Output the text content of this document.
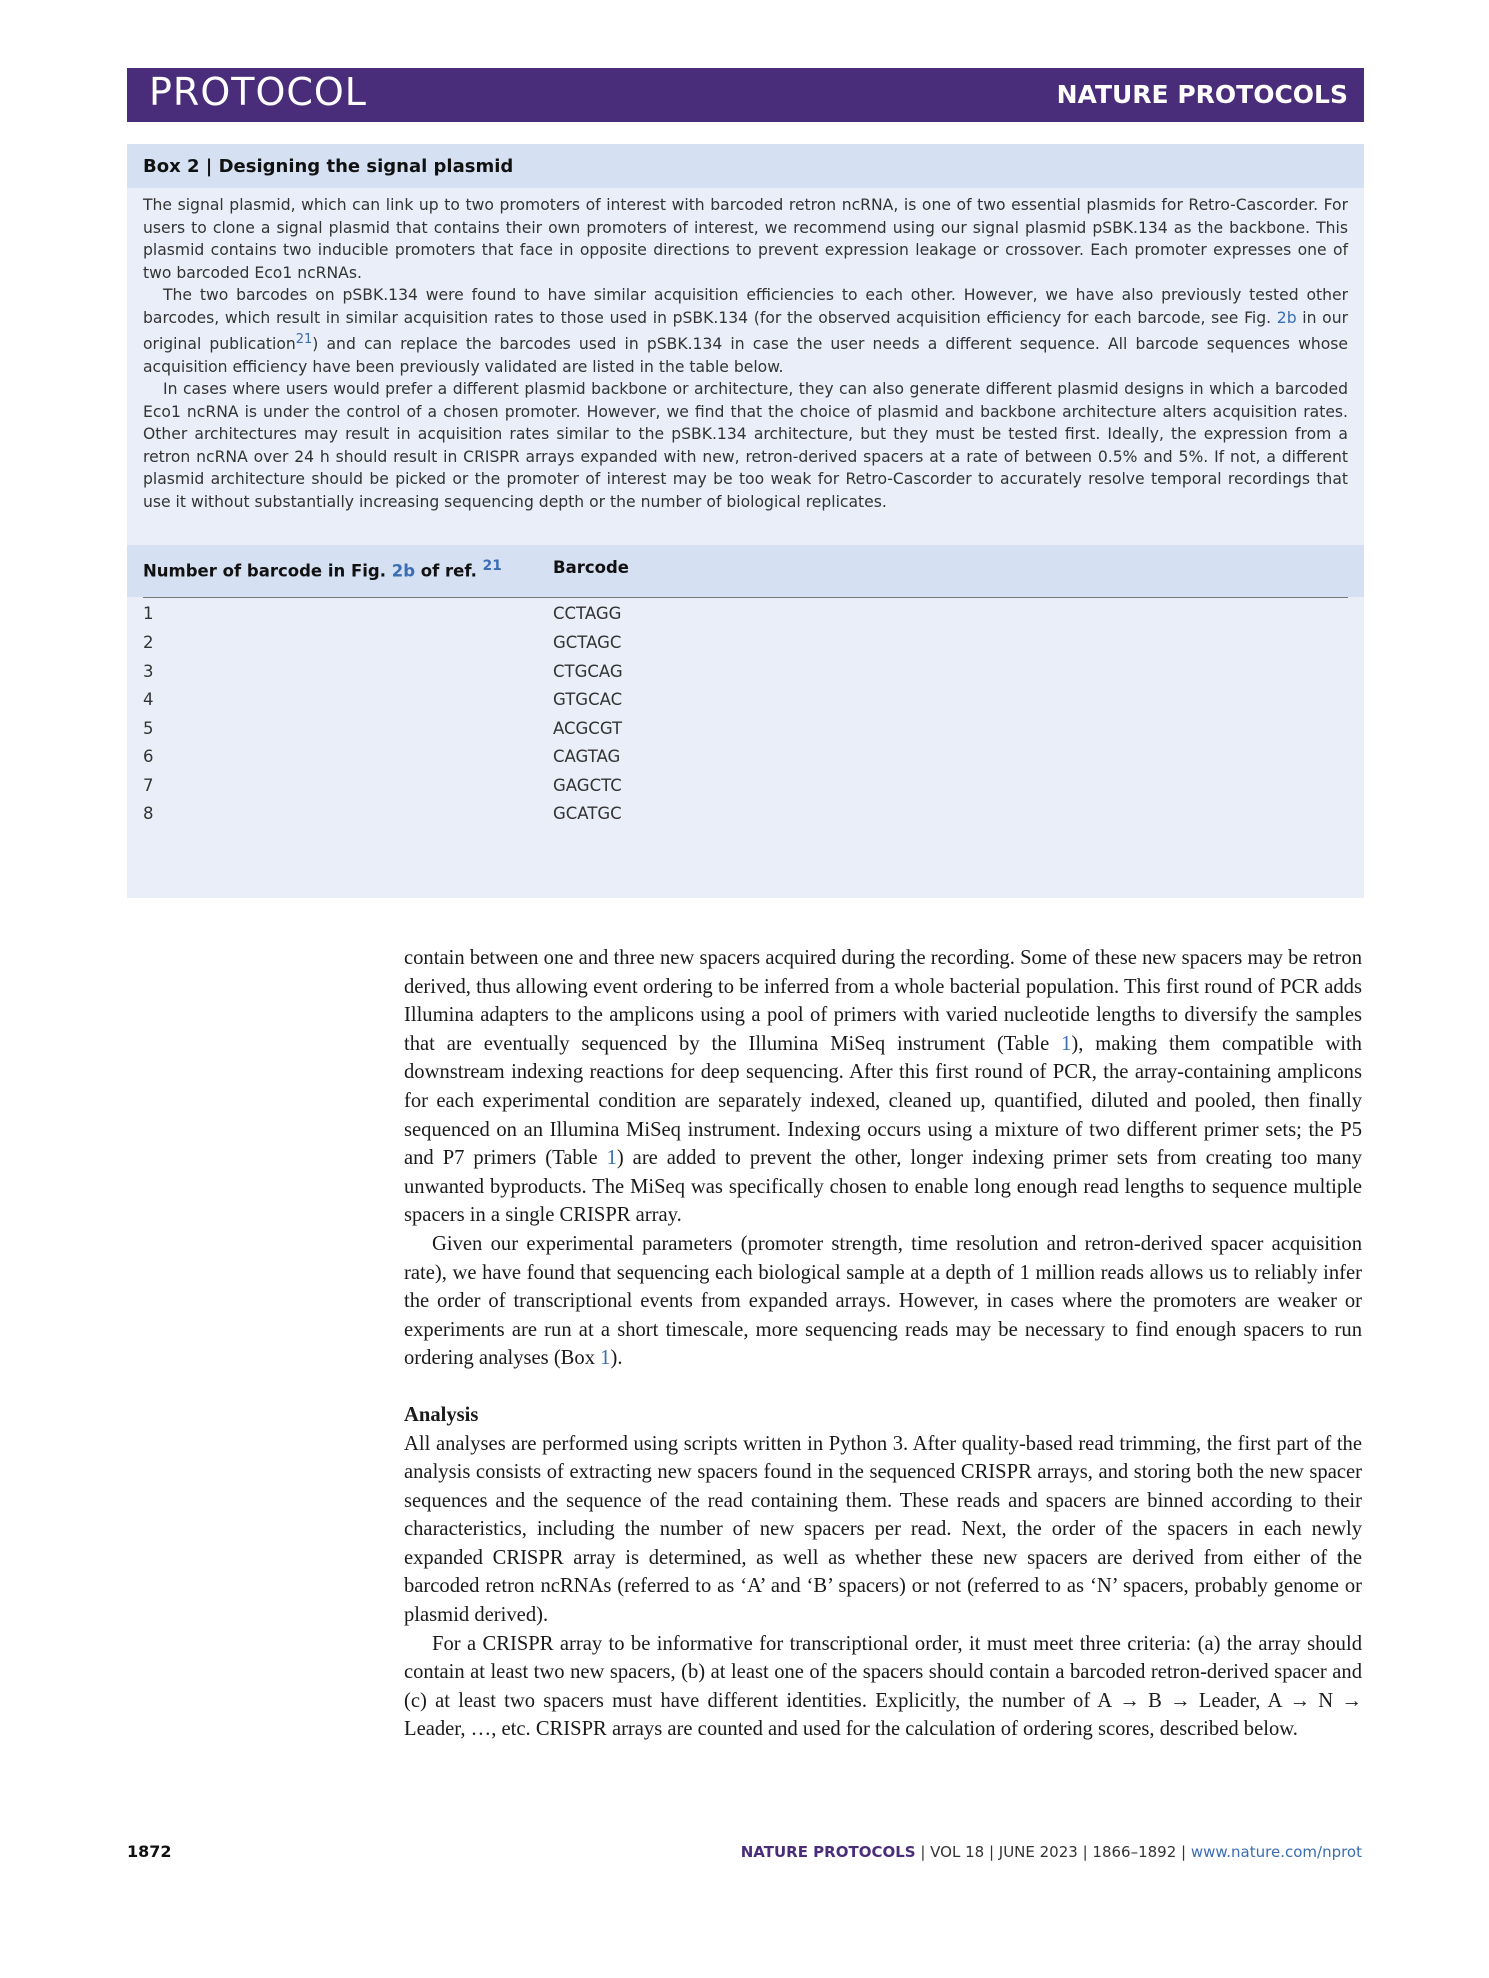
PROTOCOL	NATURE PROTOCOLS
Box 2 | Designing the signal plasmid

The signal plasmid, which can link up to two promoters of interest with barcoded retron ncRNA, is one of two essential plasmids for Retro-Cascorder. For users to clone a signal plasmid that contains their own promoters of interest, we recommend using our signal plasmid pSBK.134 as the backbone. This plasmid contains two inducible promoters that face in opposite directions to prevent expression leakage or crossover. Each promoter expresses one of two barcoded Eco1 ncRNAs.

The two barcodes on pSBK.134 were found to have similar acquisition efficiencies to each other. However, we have also previously tested other barcodes, which result in similar acquisition rates to those used in pSBK.134 (for the observed acquisition efficiency for each barcode, see Fig. 2b in our original publication$^{21}$) and can replace the barcodes used in pSBK.134 in case the user needs a different sequence. All barcode sequences whose acquisition efficiency have been previously validated are listed in the table below.

In cases where users would prefer a different plasmid backbone or architecture, they can also generate different plasmid designs in which a barcoded Eco1 ncRNA is under the control of a chosen promoter. However, we find that the choice of plasmid and backbone architecture alters acquisition rates. Other architectures may result in acquisition rates similar to the pSBK.134 architecture, but they must be tested first. Ideally, the expression from a retron ncRNA over 24 h should result in CRISPR arrays expanded with new, retron-derived spacers at a rate of between 0.5% and 5%. If not, a different plasmid architecture should be picked or the promoter of interest may be too weak for Retro-Cascorder to accurately resolve temporal recordings that use it without substantially increasing sequencing depth or the number of biological replicates.

Number of barcode in Fig. 2b of ref. $^{21}$	Barcode
1	CCTAGG
2	GCTAGC
3	CTGCAG
4	GTGCAC
5	ACGCGT
6	CAGTAG
7	GAGCTC
8	GCATGC

contain between one and three new spacers acquired during the recording. Some of these new spacers may be retron derived, thus allowing event ordering to be inferred from a whole bacterial population. This first round of PCR adds Illumina adapters to the amplicons using a pool of primers with varied nucleotide lengths to diversify the samples that are eventually sequenced by the Illumina MiSeq instrument (Table 1), making them compatible with downstream indexing reactions for deep sequencing. After this first round of PCR, the array-containing amplicons for each experimental condition are separately indexed, cleaned up, quantified, diluted and pooled, then finally sequenced on an Illumina MiSeq instrument. Indexing occurs using a mixture of two different primer sets; the P5 and P7 primers (Table 1) are added to prevent the other, longer indexing primer sets from creating too many unwanted byproducts. The MiSeq was specifically chosen to enable long enough read lengths to sequence multiple spacers in a single CRISPR array.

Given our experimental parameters (promoter strength, time resolution and retron-derived spacer acquisition rate), we have found that sequencing each biological sample at a depth of 1 million reads allows us to reliably infer the order of transcriptional events from expanded arrays. However, in cases where the promoters are weaker or experiments are run at a short timescale, more sequencing reads may be necessary to find enough spacers to run ordering analyses (Box 1).

Analysis

All analyses are performed using scripts written in Python 3. After quality-based read trimming, the first part of the analysis consists of extracting new spacers found in the sequenced CRISPR arrays, and storing both the new spacer sequences and the sequence of the read containing them. These reads and spacers are binned according to their characteristics, including the number of new spacers per read. Next, the order of the spacers in each newly expanded CRISPR array is determined, as well as whether these new spacers are derived from either of the barcoded retron ncRNAs (referred to as ‘A’ and ‘B’ spacers) or not (referred to as ‘N’ spacers, probably genome or plasmid derived).

For a CRISPR array to be informative for transcriptional order, it must meet three criteria: (a) the array should contain at least two new spacers, (b) at least one of the spacers should contain a barcoded retron-derived spacer and (c) at least two spacers must have different identities. Explicitly, the number of A → B → Leader, A → N → Leader, …, etc. CRISPR arrays are counted and used for the calculation of ordering scores, described below.

1872	NATURE PROTOCOLS | VOL 18 | JUNE 2023 | 1866–1892 | www.nature.com/nprot
